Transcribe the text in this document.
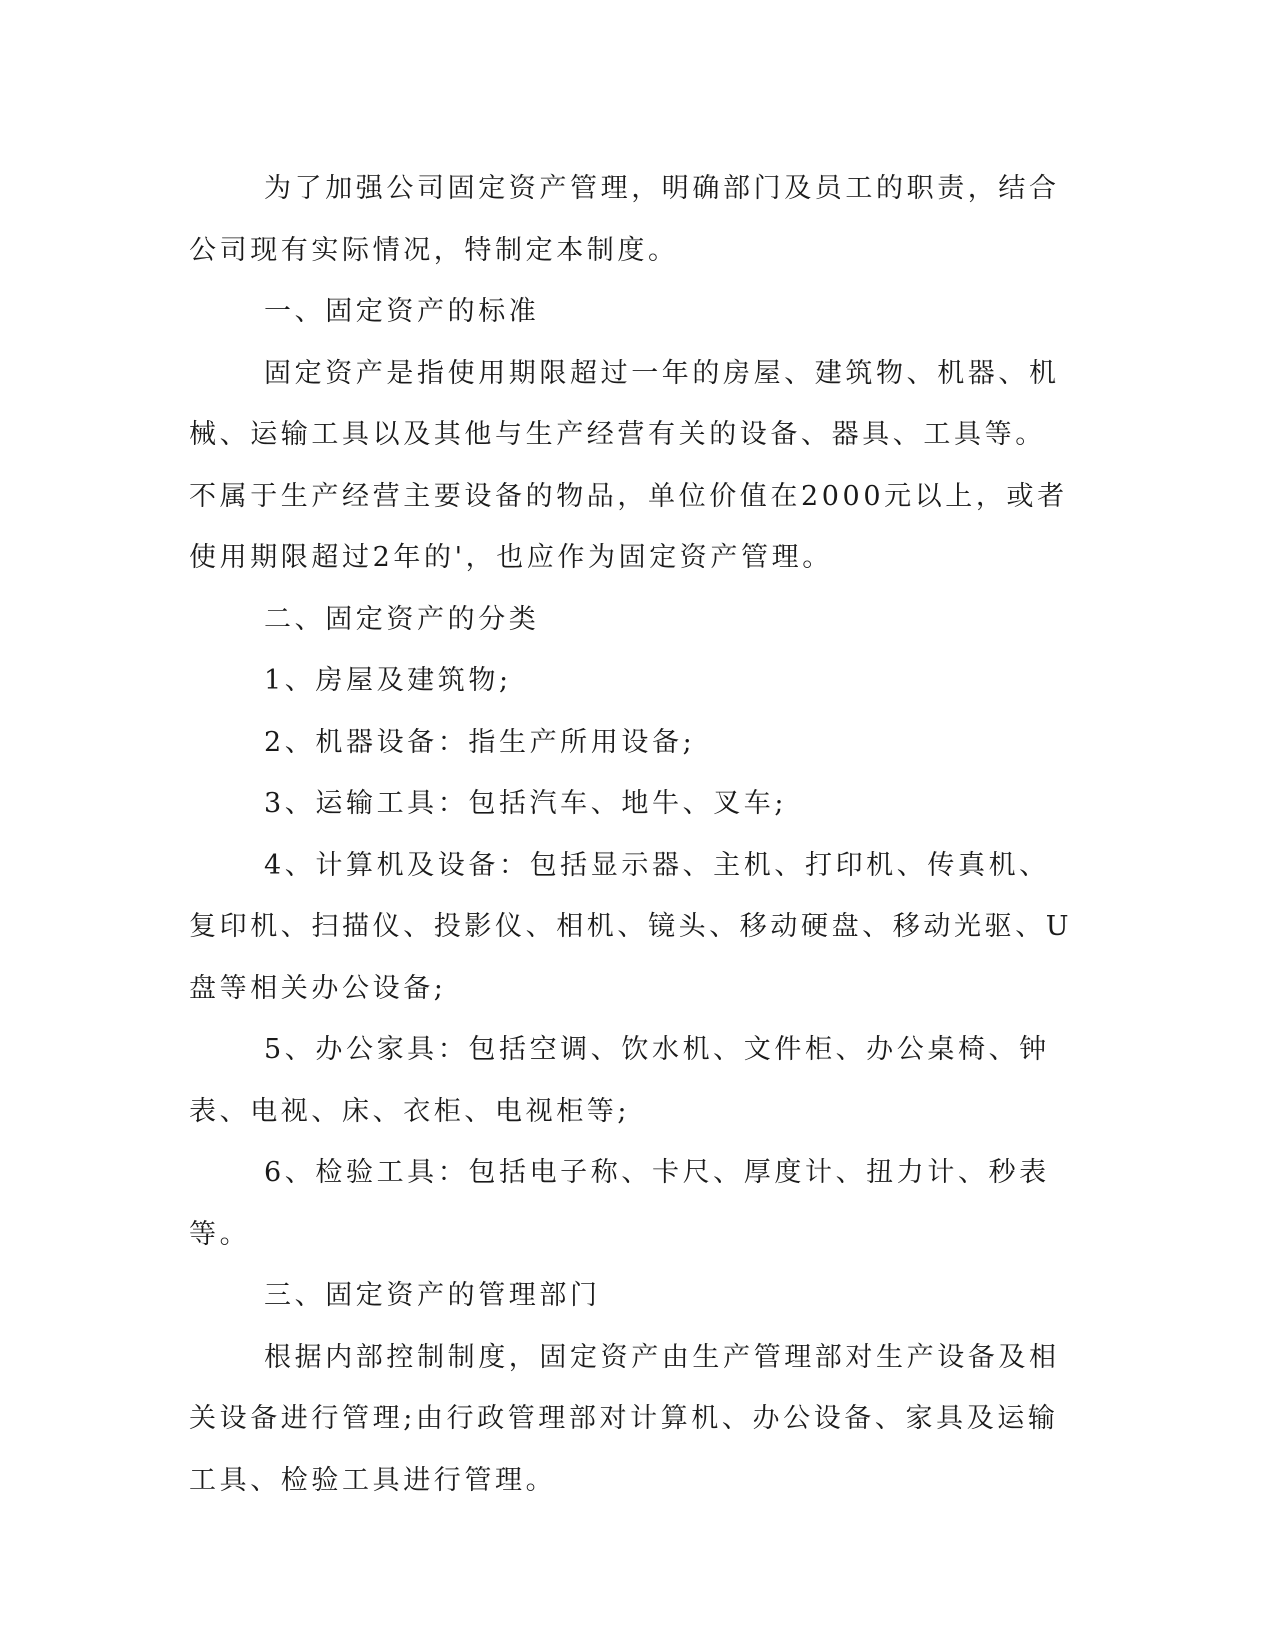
为了加强公司固定资产管理，明确部门及员工的职责，结合公司现有实际情况，特制定本制度。

一、固定资产的标准

固定资产是指使用期限超过一年的房屋、建筑物、机器、机械、运输工具以及其他与生产经营有关的设备、器具、工具等。不属于生产经营主要设备的物品，单位价值在2000元以上，或者使用期限超过2年的'，也应作为固定资产管理。

二、固定资产的分类

1、房屋及建筑物;

2、机器设备：指生产所用设备;

3、运输工具：包括汽车、地牛、叉车;

4、计算机及设备：包括显示器、主机、打印机、传真机、复印机、扫描仪、投影仪、相机、镜头、移动硬盘、移动光驱、U盘等相关办公设备;

5、办公家具：包括空调、饮水机、文件柜、办公桌椅、钟表、电视、床、衣柜、电视柜等;

6、检验工具：包括电子称、卡尺、厚度计、扭力计、秒表等。

三、固定资产的管理部门

根据内部控制制度，固定资产由生产管理部对生产设备及相关设备进行管理;由行政管理部对计算机、办公设备、家具及运输工具、检验工具进行管理。
